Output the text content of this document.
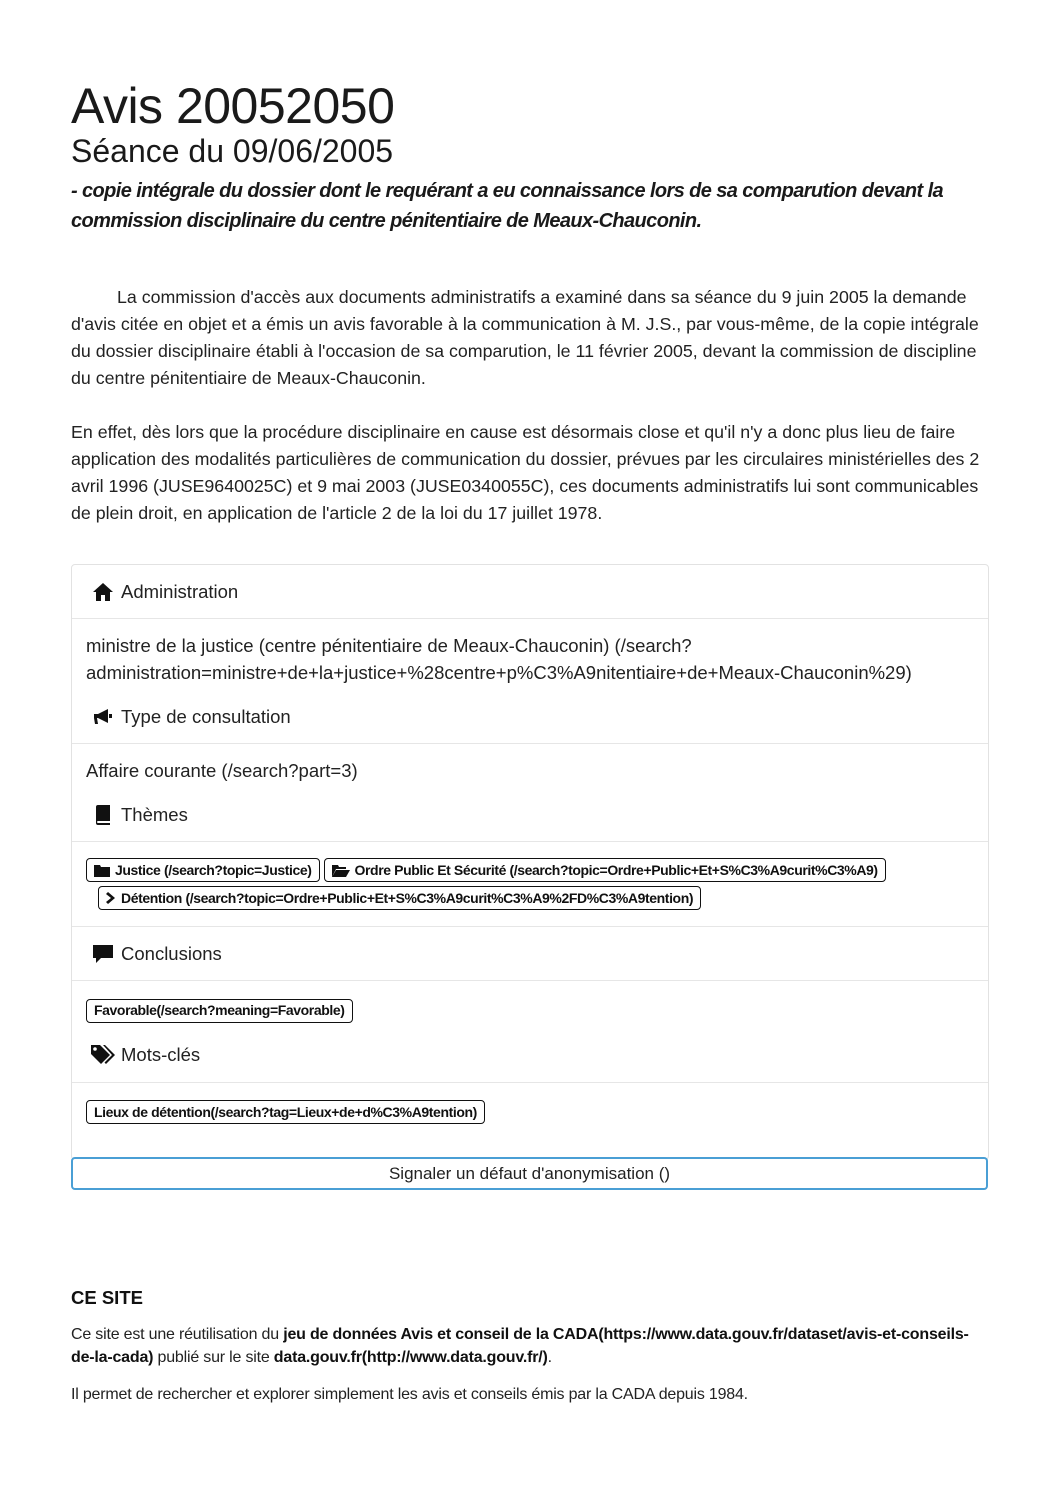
Avis 20052050
Séance du 09/06/2005
- copie intégrale du dossier dont le requérant a eu connaissance lors de sa comparution devant la commission disciplinaire du centre pénitentiaire de Meaux-Chauconin.

La commission d'accès aux documents administratifs a examiné dans sa séance du 9 juin 2005 la demande d'avis citée en objet et a émis un avis favorable à la communication à M. J.S., par vous-même, de la copie intégrale du dossier disciplinaire établi à l'occasion de sa comparution, le 11 février 2005, devant la commission de discipline du centre pénitentiaire de Meaux-Chauconin.

En effet, dès lors que la procédure disciplinaire en cause est désormais close et qu'il n'y a donc plus lieu de faire application des modalités particulières de communication du dossier, prévues par les circulaires ministérielles des 2 avril 1996 (JUSE9640025C) et 9 mai 2003 (JUSE0340055C), ces documents administratifs lui sont communicables de plein droit, en application de l'article 2 de la loi du 17 juillet 1978.

Administration
ministre de la justice (centre pénitentiaire de Meaux-Chauconin) (/search?administration=ministre+de+la+justice+%28centre+p%C3%A9nitentiaire+de+Meaux-Chauconin%29)
Type de consultation
Affaire courante (/search?part=3)
Thèmes
Justice (/search?topic=Justice)	Ordre Public Et Sécurité (/search?topic=Ordre+Public+Et+S%C3%A9curit%C3%A9)
Détention (/search?topic=Ordre+Public+Et+S%C3%A9curit%C3%A9%2FD%C3%A9tention)
Conclusions
Favorable(/search?meaning=Favorable)
Mots-clés
Lieux de détention(/search?tag=Lieux+de+d%C3%A9tention)
Signaler un défaut d'anonymisation ()
CE SITE

Ce site est une réutilisation du jeu de données Avis et conseil de la CADA(https://www.data.gouv.fr/dataset/avis-et-conseils-de-la-cada) publié sur le site data.gouv.fr(http://www.data.gouv.fr/).

Il permet de rechercher et explorer simplement les avis et conseils émis par la CADA depuis 1984.
